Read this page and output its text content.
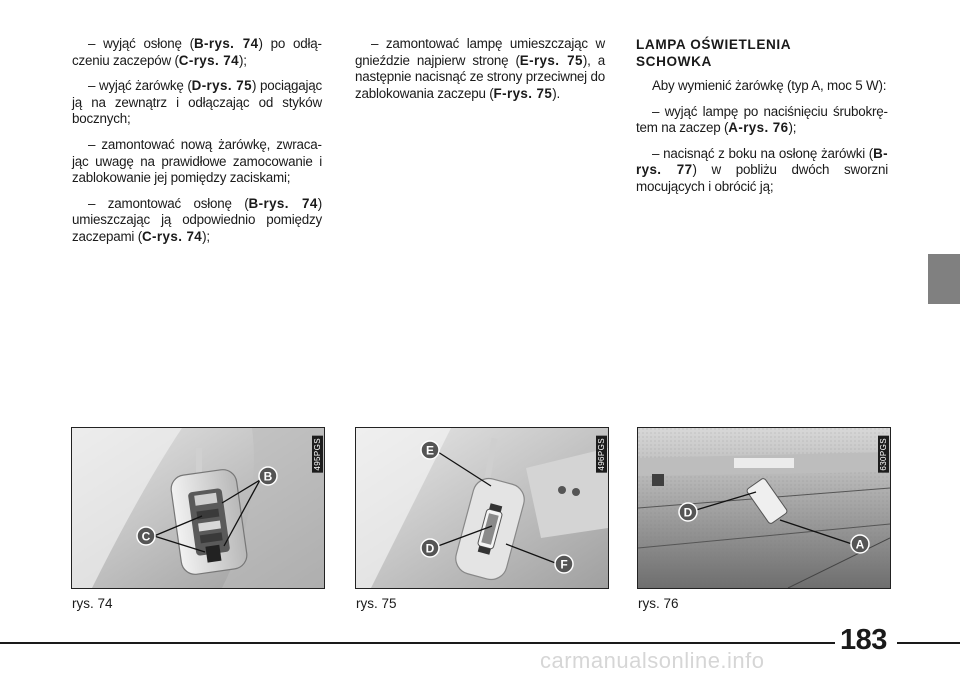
– wyjąć osłonę (B-rys. 74) po odłączeniu zaczepów (C-rys. 74);

– wyjąć żarówkę (D-rys. 75) pociągając ją na zewnątrz i odłączając od styków bocznych;

– zamontować nową żarówkę, zwracając uwagę na prawidłowe zamocowanie i zablokowanie jej pomiędzy zaciskami;

– zamontować osłonę (B-rys. 74) umieszczając ją odpowiednio pomiędzy zaczepami (C-rys. 74);

– zamontować lampę umieszczając w gnieździe najpierw stronę (E-rys. 75), a następnie nacisnąć ze strony przeciwnej do zablokowania zaczepu (F-rys. 75).

LAMPA OŚWIETLENIA
SCHOWKA

Aby wymienić żarówkę (typ A, moc 5 W):

– wyjąć lampę po naciśnięciu śrubokrętem na zaczep (A-rys. 76);

– nacisnąć z boku na osłonę żarówki (B-rys. 77) w pobliżu dwóch sworzni mocujących i obrócić ją;

B
C
495PGS	E
D
F
496PGS
D
A
630PGS
rys. 74	rys. 75	rys. 76
183
carmanualsonline.info
